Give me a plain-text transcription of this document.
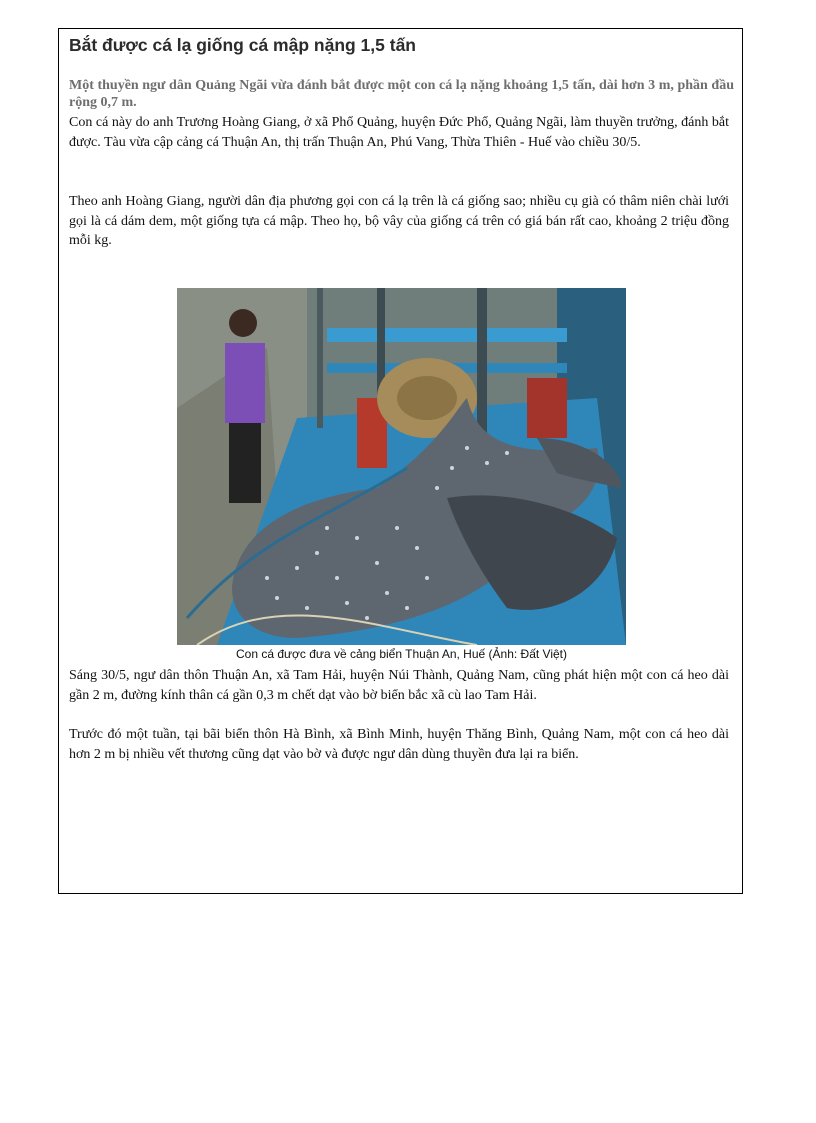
Bắt được cá lạ giống cá mập nặng 1,5 tấn

Một thuyền ngư dân Quảng Ngãi vừa đánh bắt được một con cá lạ nặng khoảng 1,5 tấn, dài hơn 3 m, phần đầu rộng 0,7 m.

Con cá này do anh Trương Hoàng Giang, ở xã Phổ Quảng, huyện Đức Phổ, Quảng Ngãi, làm thuyền trưởng, đánh bắt được. Tàu vừa cập cảng cá Thuận An, thị trấn Thuận An, Phú Vang, Thừa Thiên - Huế vào chiều 30/5.

Theo anh Hoàng Giang, người dân địa phương gọi con cá lạ trên là cá giống sao; nhiều cụ già có thâm niên chài lưới gọi là cá dám dem, một giống tựa cá mập. Theo họ, bộ vây của giống cá trên có giá bán rất cao, khoảng 2 triệu đồng mỗi kg.

Con cá được đưa về cảng biển Thuận An, Huế (Ảnh: Đất Việt)

Sáng 30/5, ngư dân thôn Thuận An, xã Tam Hải, huyện Núi Thành, Quảng Nam, cũng phát hiện một con cá heo dài gần 2 m, đường kính thân cá gần 0,3 m chết dạt vào bờ biển bắc xã cù lao Tam Hải.

Trước đó một tuần, tại bãi biển thôn Hà Bình, xã Bình Minh, huyện Thăng Bình, Quảng Nam, một con cá heo dài hơn 2 m bị nhiều vết thương cũng dạt vào bờ và được ngư dân dùng thuyền đưa lại ra biển.
